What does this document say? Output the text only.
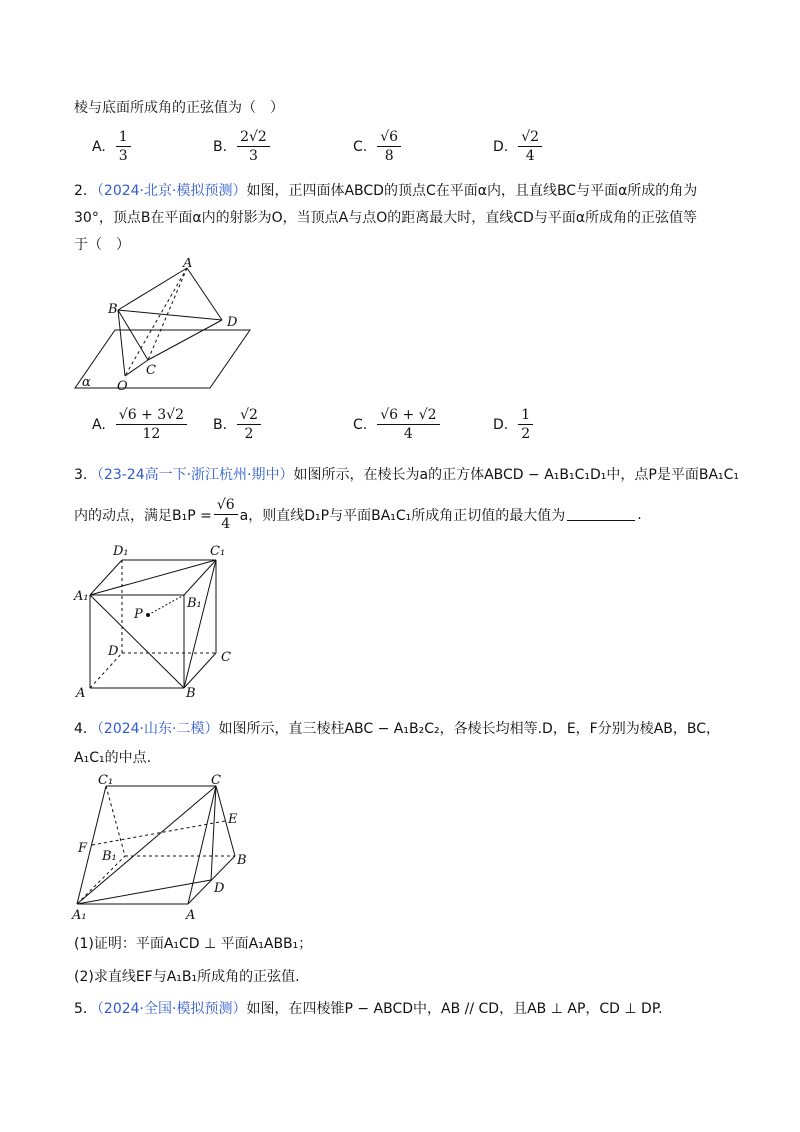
棱与底面所成角的正弦值为（　）
A. $\frac{1}{3}$	B. $\frac{2√2}{3}$	C. $\frac{√6}{8}$	D. $\frac{√2}{4}$
2．（2024·北京·模拟预测）如图，正四面体ABCD的顶点C在平面α内，且直线BC与平面α所成的角为
30°，顶点B在平面α内的射影为O，当顶点A与点O的距离最大时，直线CD与平面α所成角的正弦值等
于（　）
A
B
D
C
O
α
A. $\frac{√6 + 3√2}{12} B$. $\frac{√2}{2}$	C. $\frac{√6 + √2}{4}$	D. $\frac{1}{2}$
3．（23-24高一下·浙江杭州·期中）如图所示，在棱长为a的正方体ABCD − A₁B₁C₁D₁中，点P是平面BA₁C₁
内的动点，满足$B_1P = \frac{√6}{4}$ a，则直线D₁P与平面BA₁C₁所成角正切值的最大值为	.
D₁	C₁
A₁	B₁
P
D	C
A	B
4．（2024·山东·二模）如图所示，直三棱柱ABC − A₁B₂C₂，各棱长均相等.D，E，F分别为棱AB，BC，
A₁C₁的中点.
C₁	C
E
F
B₁	B
D
A₁	A
(1)证明：平面A₁CD ⊥ 平面A₁ABB₁；
(2)求直线EF与A₁B₁所成角的正弦值.
5．（2024·全国·模拟预测）如图，在四棱锥P − ABCD中，AB // CD，且AB ⊥ AP，CD ⊥ DP.
